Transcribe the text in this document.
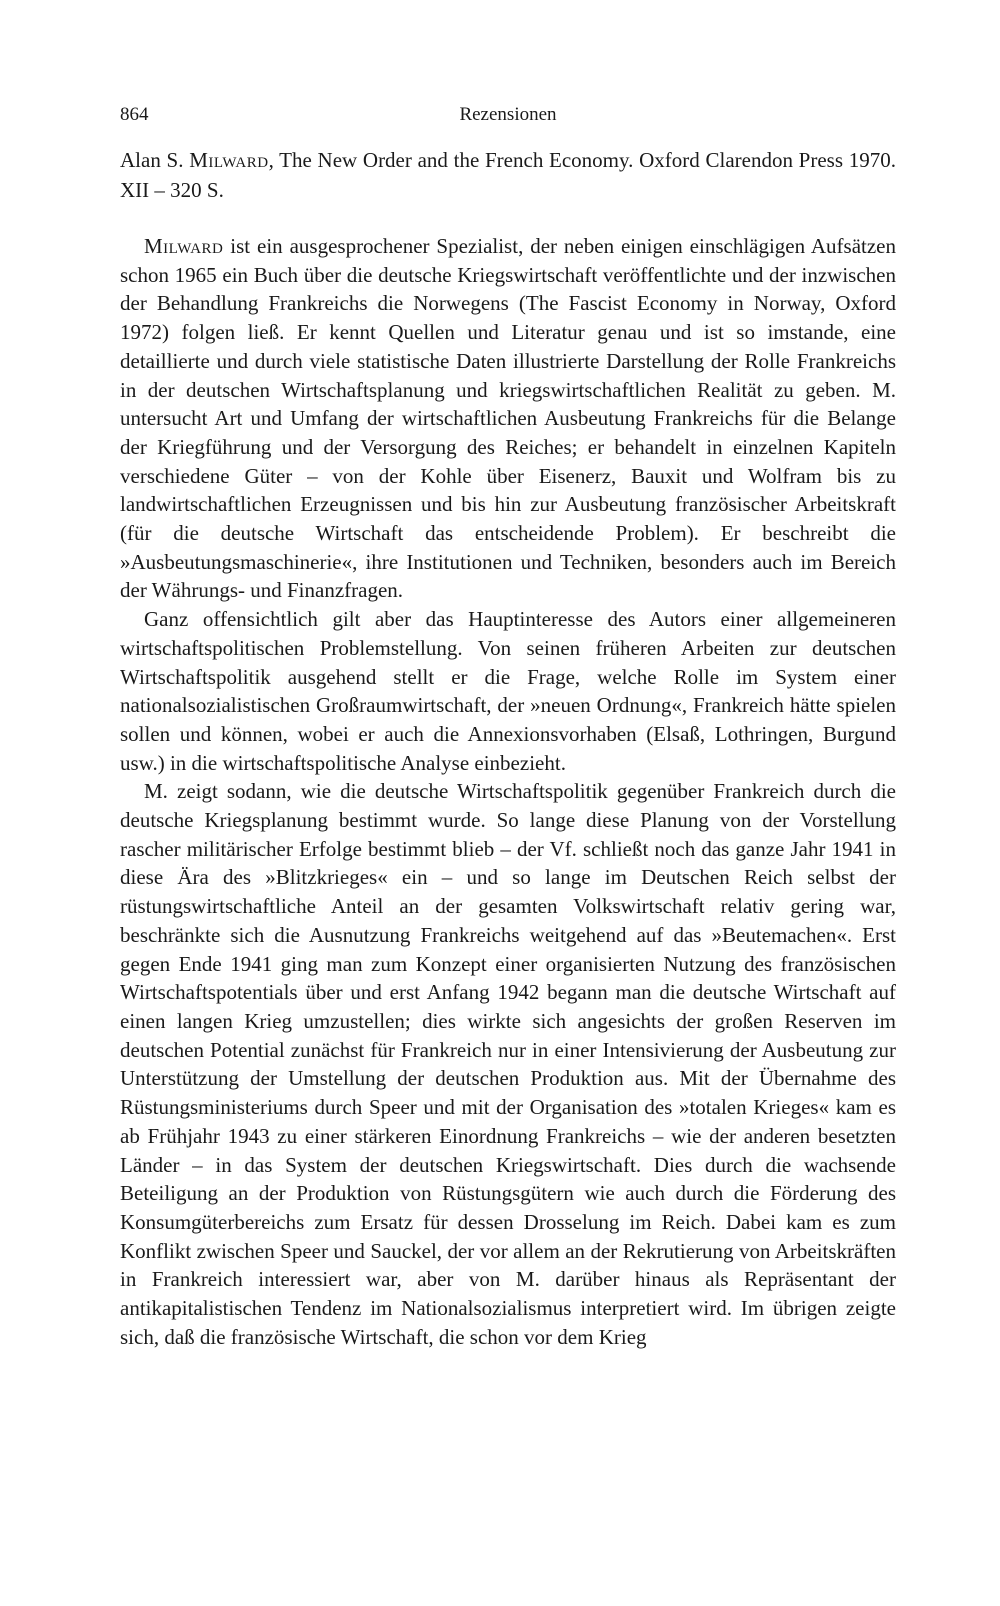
864	Rezensionen

Alan S. Milward, The New Order and the French Economy. Oxford Clarendon Press 1970. XII – 320 S.

Milward ist ein ausgesprochener Spezialist, der neben einigen einschlägigen Aufsätzen schon 1965 ein Buch über die deutsche Kriegswirtschaft veröffentlichte und der inzwischen der Behandlung Frankreichs die Norwegens (The Fascist Economy in Norway, Oxford 1972) folgen ließ. Er kennt Quellen und Literatur genau und ist so imstande, eine detaillierte und durch viele statistische Daten illustrierte Darstellung der Rolle Frankreichs in der deutschen Wirtschaftsplanung und kriegswirtschaftlichen Realität zu geben. M. untersucht Art und Umfang der wirtschaftlichen Ausbeutung Frankreichs für die Belange der Kriegführung und der Versorgung des Reiches; er behandelt in einzelnen Kapiteln verschiedene Güter – von der Kohle über Eisenerz, Bauxit und Wolfram bis zu landwirtschaftlichen Erzeugnissen und bis hin zur Ausbeutung französischer Arbeitskraft (für die deutsche Wirtschaft das entscheidende Problem). Er beschreibt die »Ausbeutungsmaschinerie«, ihre Institutionen und Techniken, besonders auch im Bereich der Währungs- und Finanzfragen.

Ganz offensichtlich gilt aber das Hauptinteresse des Autors einer allgemeineren wirtschaftspolitischen Problemstellung. Von seinen früheren Arbeiten zur deutschen Wirtschaftspolitik ausgehend stellt er die Frage, welche Rolle im System einer nationalsozialistischen Großraumwirtschaft, der »neuen Ordnung«, Frankreich hätte spielen sollen und können, wobei er auch die Annexionsvorhaben (Elsaß, Lothringen, Burgund usw.) in die wirtschaftspolitische Analyse einbezieht.

M. zeigt sodann, wie die deutsche Wirtschaftspolitik gegenüber Frankreich durch die deutsche Kriegsplanung bestimmt wurde. So lange diese Planung von der Vorstellung rascher militärischer Erfolge bestimmt blieb – der Vf. schließt noch das ganze Jahr 1941 in diese Ära des »Blitzkrieges« ein – und so lange im Deutschen Reich selbst der rüstungswirtschaftliche Anteil an der gesamten Volkswirtschaft relativ gering war, beschränkte sich die Ausnutzung Frankreichs weitgehend auf das »Beutemachen«. Erst gegen Ende 1941 ging man zum Konzept einer organisierten Nutzung des französischen Wirtschaftspotentials über und erst Anfang 1942 begann man die deutsche Wirtschaft auf einen langen Krieg umzustellen; dies wirkte sich angesichts der großen Reserven im deutschen Potential zunächst für Frankreich nur in einer Intensivierung der Ausbeutung zur Unterstützung der Umstellung der deutschen Produktion aus. Mit der Übernahme des Rüstungsministeriums durch Speer und mit der Organisation des »totalen Krieges« kam es ab Frühjahr 1943 zu einer stärkeren Einordnung Frankreichs – wie der anderen besetzten Länder – in das System der deutschen Kriegswirtschaft. Dies durch die wachsende Beteiligung an der Produktion von Rüstungsgütern wie auch durch die Förderung des Konsumgüterbereichs zum Ersatz für dessen Drosselung im Reich. Dabei kam es zum Konflikt zwischen Speer und Sauckel, der vor allem an der Rekrutierung von Arbeitskräften in Frankreich interessiert war, aber von M. darüber hinaus als Repräsentant der antikapitalistischen Tendenz im Nationalsozialismus interpretiert wird. Im übrigen zeigte sich, daß die französische Wirtschaft, die schon vor dem Krieg
